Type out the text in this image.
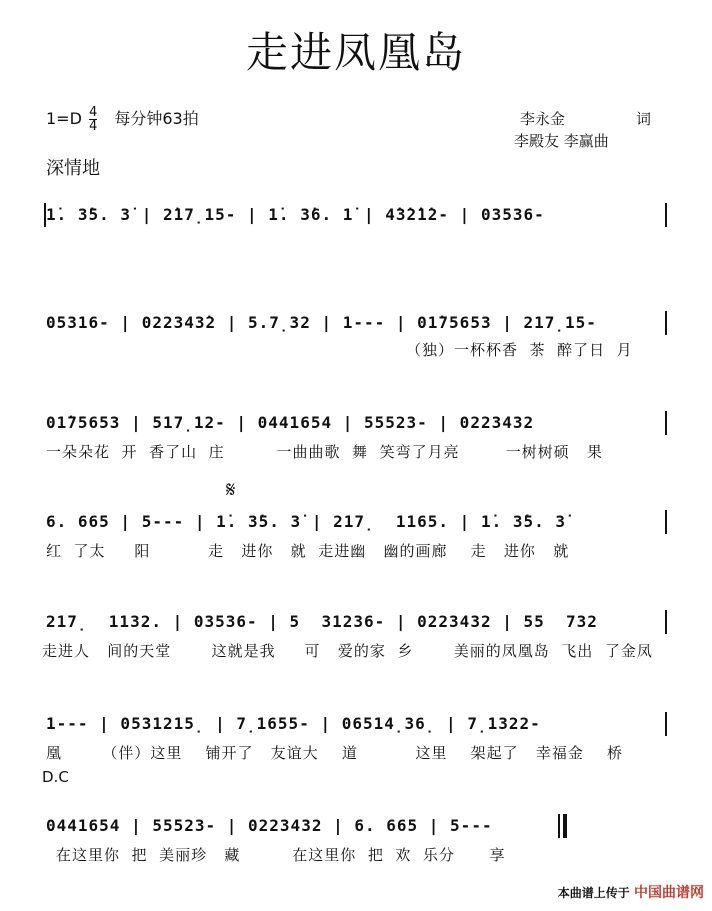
走进凤凰岛
$1=D \frac{4}{4}$ 每分钟63拍
深情地
李永金	词
李殿友 李赢曲
1̇. 3̇5. 3̇ | 2̇17̣15- | 1̇. 3̇6. 1̇ | 4̇3̇2̇1̇2- | 03536-
05316- | 022343̇2 | 5.7̣32 | 1--- | 01̇75653 | 217̣15-
（独）一杯杯香  茶  醉了日  月
01̇75653 | 517̣12- | 0441654 | 55523- | 0223432
一朵朵花  开  香了山  庄         一曲曲歌  舞  笑弯了月亮        一树树硕   果
𝄋
6. 665 | 5--- | 1̇. 3̇5. 3̇ | 217̣  1165. | 1̇. 3̇5. 3̇
红  了太     阳          走   进你   就  走进幽   幽的画廊    走   进你   就
217̣  1132. | 03536- | 5  31236- | 0223432 | 55  732
走进人   间的天堂       这就是我     可   爱的家  乡       美丽的凤凰岛  飞出  了金凤
1--- | 0531215̣ | 7̣1655- | 06514̣36̣ | 7̣1322-
凰       （伴）这里    铺开了   友谊大    道          这里    架起了   幸福金    桥
D.C
0441654 | 55523- | 0223432 | 6. 665 | 5---
在这里你  把  美丽珍   藏         在这里你  把  欢  乐分      享
本曲谱上传于 中国曲谱网
